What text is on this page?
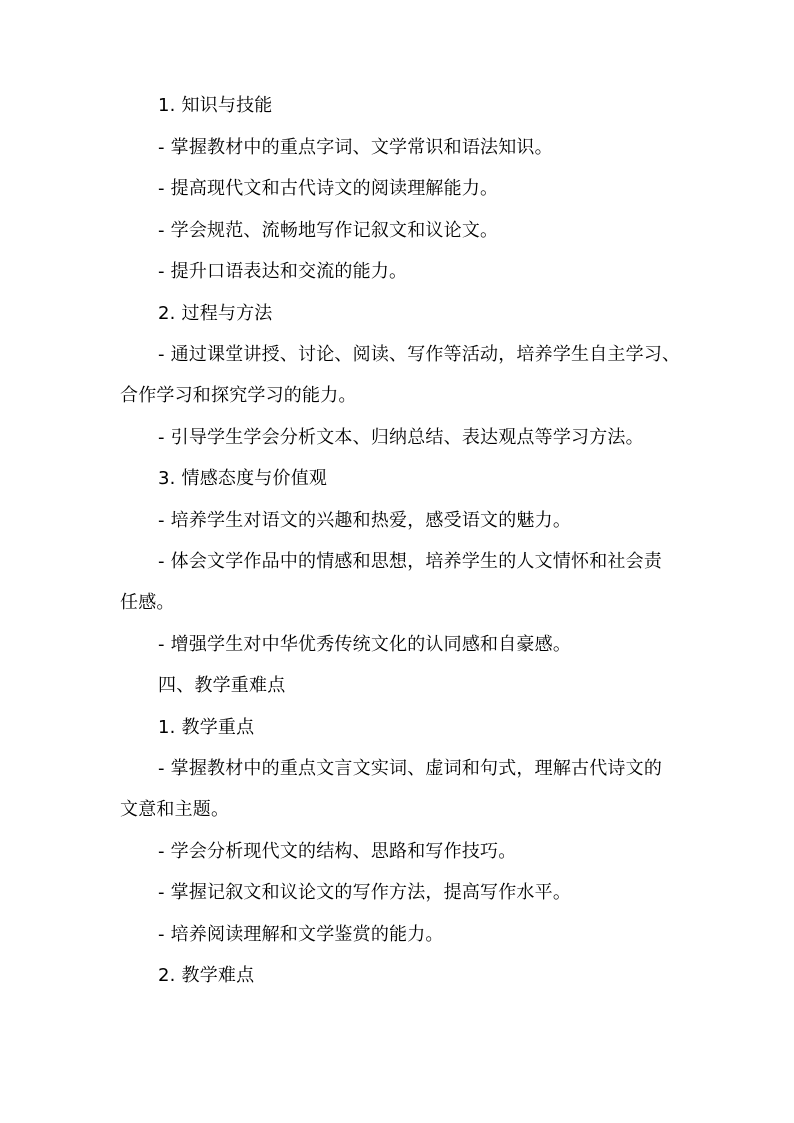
1. 知识与技能
- 掌握教材中的重点字词、文学常识和语法知识。
- 提高现代文和古代诗文的阅读理解能力。
- 学会规范、流畅地写作记叙文和议论文。
- 提升口语表达和交流的能力。
2. 过程与方法
- 通过课堂讲授、讨论、阅读、写作等活动，培养学生自主学习、
合作学习和探究学习的能力。
- 引导学生学会分析文本、归纳总结、表达观点等学习方法。
3. 情感态度与价值观
- 培养学生对语文的兴趣和热爱，感受语文的魅力。
- 体会文学作品中的情感和思想，培养学生的人文情怀和社会责
任感。
- 增强学生对中华优秀传统文化的认同感和自豪感。
四、教学重难点
1. 教学重点
- 掌握教材中的重点文言文实词、虚词和句式，理解古代诗文的
文意和主题。
- 学会分析现代文的结构、思路和写作技巧。
- 掌握记叙文和议论文的写作方法，提高写作水平。
- 培养阅读理解和文学鉴赏的能力。
2. 教学难点
